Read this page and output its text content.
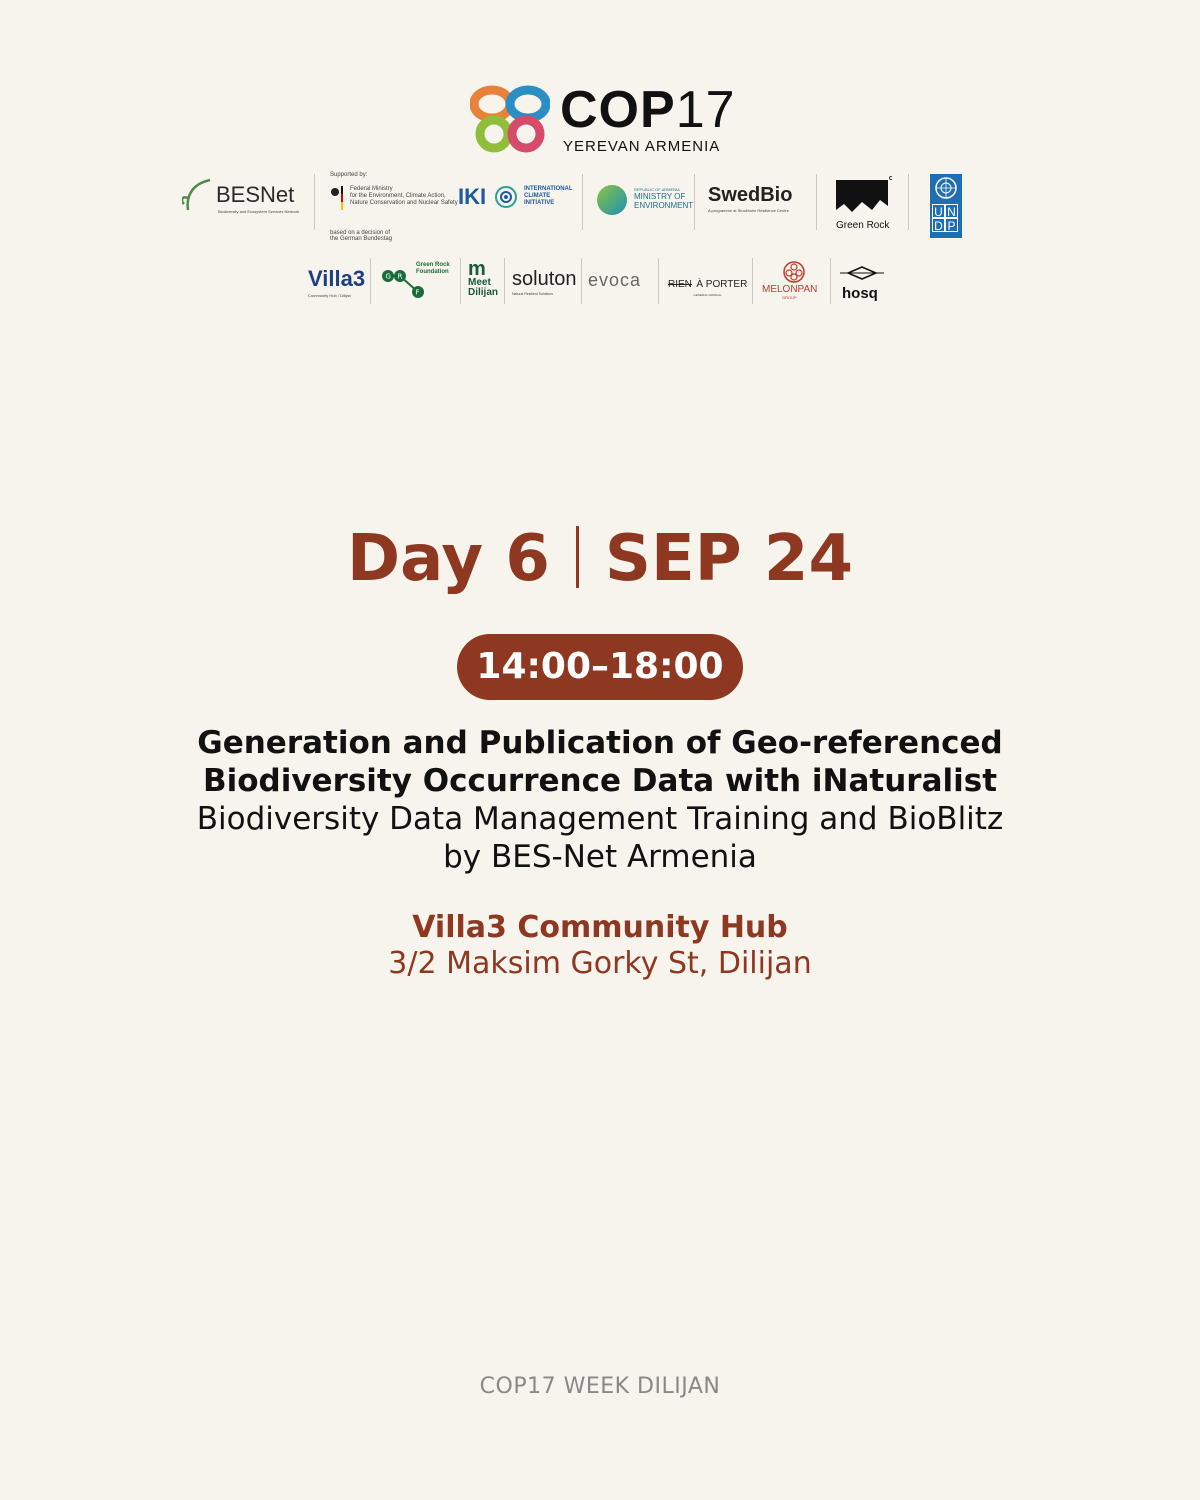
COP17
YEREVAN ARMENIA
BESNet
Biodiversity and Ecosystem Services Network
Supported by:
Federal Ministry
for the Environment, Climate Action,
Nature Conservation and Nuclear Safety
based on a decision of
the German Bundestag
IKI	INTERNATIONAL
CLIMATE
INITIATIVE
REPUBLIC OF ARMENIA
MINISTRY OF
ENVIRONMENT SwedBio
A programme at Stockholm Resilience Centre
Green Rock
U N
D P
Villa3
Community Hub / Dilijan
G R
F
Green Rock
Foundation m
Meet
Dilijan
soluton
Natural Resilient Solutions
evoca	RIEN À PORTER
GENERAL FAMILIAL	MELONPAN
GROUP	hosq
Day 6 SEP 24
14:00–18:00
Generation and Publication of Geo-referenced
Biodiversity Occurrence Data with iNaturalist
Biodiversity Data Management Training and BioBlitz
by BES-Net Armenia
Villa3 Community Hub
3/2 Maksim Gorky St, Dilijan
COP17 WEEK DILIJAN
